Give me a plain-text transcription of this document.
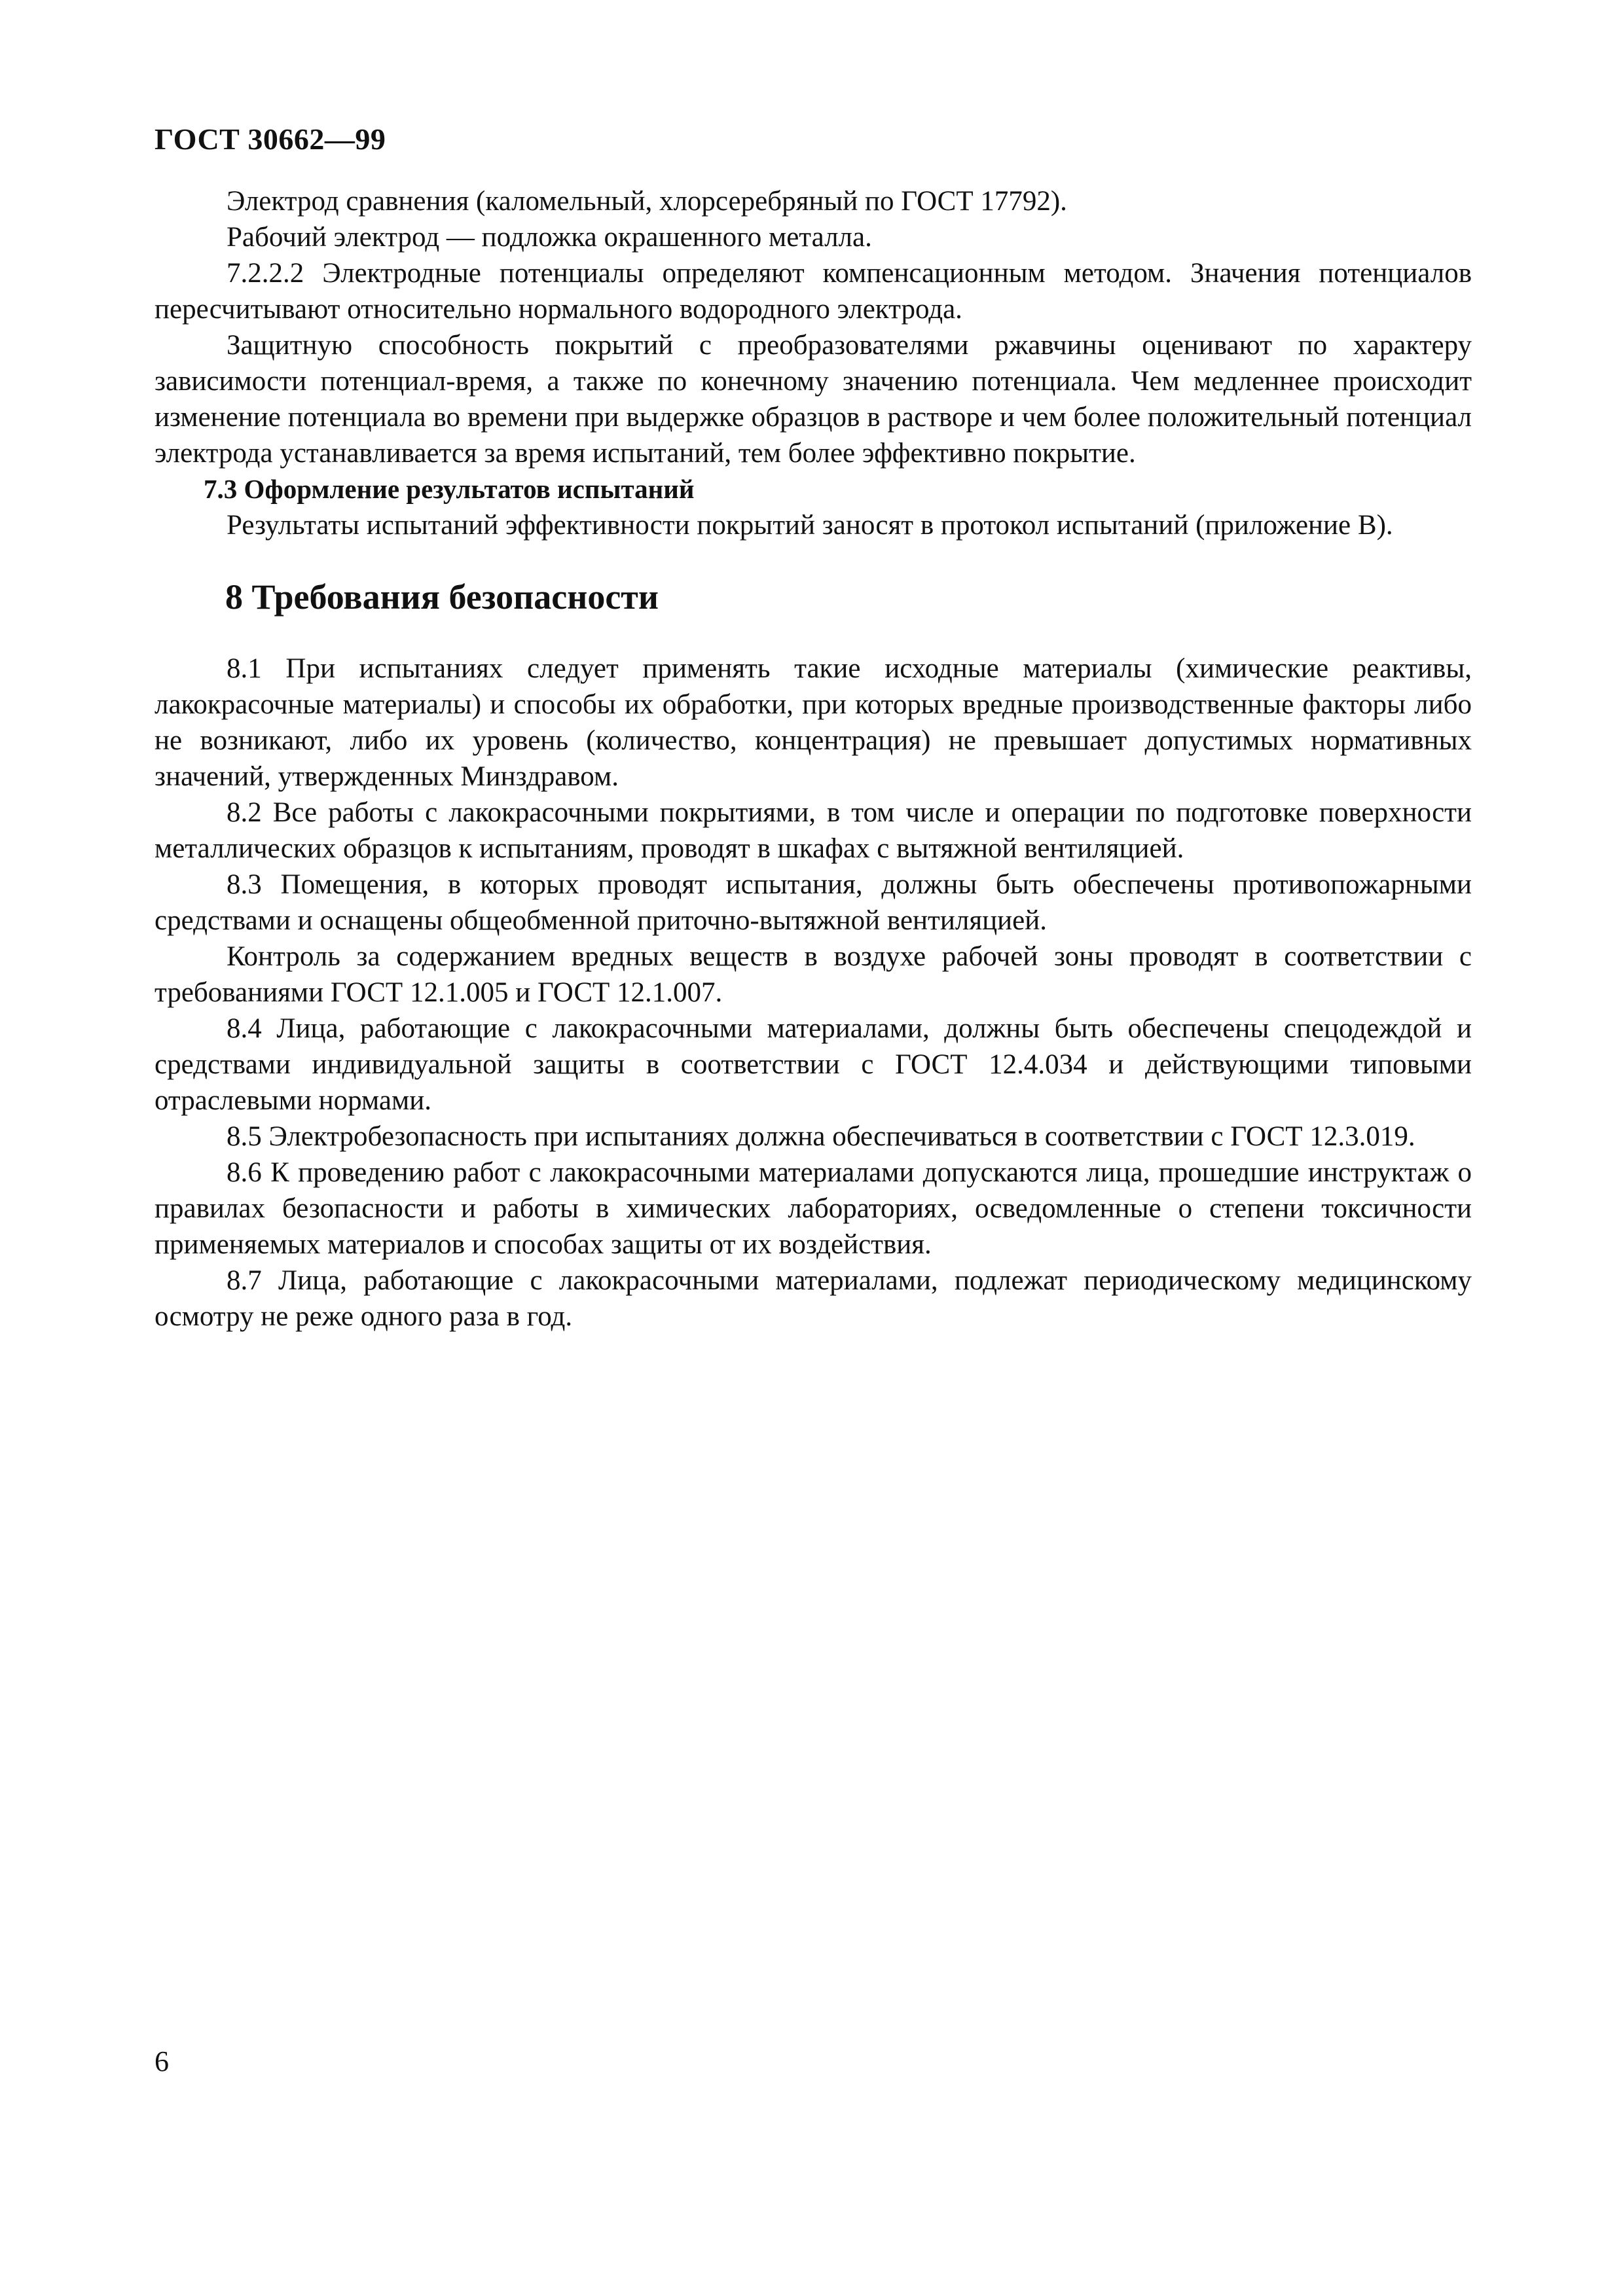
ГОСТ 30662—99

Электрод сравнения (каломельный, хлорсеребряный по ГОСТ 17792).

Рабочий электрод — подложка окрашенного металла.

7.2.2.2 Электродные потенциалы определяют компенсационным методом. Значения потенциалов пересчитывают относительно нормального водородного электрода.

Защитную способность покрытий с преобразователями ржавчины оценивают по характеру зависимости потенциал-время, а также по конечному значению потенциала. Чем медленнее происходит изменение потенциала во времени при выдержке образцов в растворе и чем более положительный потенциал электрода устанавливается за время испытаний, тем более эффективно покрытие.

7.3 Оформление результатов испытаний

Результаты испытаний эффективности покрытий заносят в протокол испытаний (приложение В).

8 Требования безопасности

8.1 При испытаниях следует применять такие исходные материалы (химические реактивы, лакокрасочные материалы) и способы их обработки, при которых вредные производственные факторы либо не возникают, либо их уровень (количество, концентрация) не превышает допустимых нормативных значений, утвержденных Минздравом.

8.2 Все работы с лакокрасочными покрытиями, в том числе и операции по подготовке поверхности металлических образцов к испытаниям, проводят в шкафах с вытяжной вентиляцией.

8.3 Помещения, в которых проводят испытания, должны быть обеспечены противопожарными средствами и оснащены общеобменной приточно-вытяжной вентиляцией.

Контроль за содержанием вредных веществ в воздухе рабочей зоны проводят в соответствии с требованиями ГОСТ 12.1.005 и ГОСТ 12.1.007.

8.4 Лица, работающие с лакокрасочными материалами, должны быть обеспечены спецодеждой и средствами индивидуальной защиты в соответствии с ГОСТ 12.4.034 и действующими типовыми отраслевыми нормами.

8.5 Электробезопасность при испытаниях должна обеспечиваться в соответствии с ГОСТ 12.3.019.

8.6 К проведению работ с лакокрасочными материалами допускаются лица, прошедшие инструктаж о правилах безопасности и работы в химических лабораториях, осведомленные о степени токсичности применяемых материалов и способах защиты от их воздействия.

8.7 Лица, работающие с лакокрасочными материалами, подлежат периодическому медицинскому осмотру не реже одного раза в год.

6
